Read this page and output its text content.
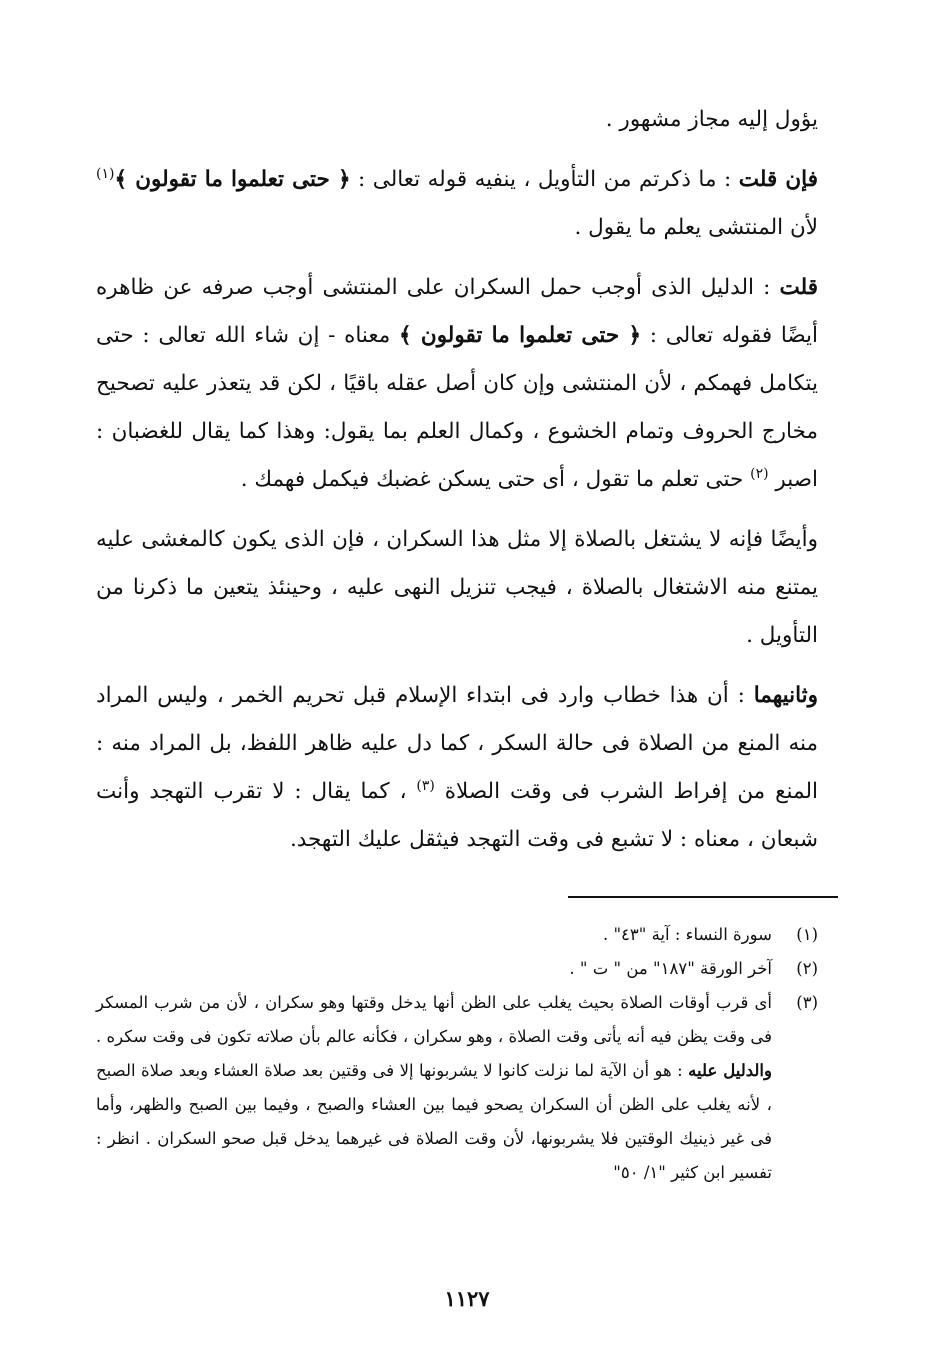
يؤول إليه مجاز مشهور .

فإن قلت : ما ذكرتم من التأويل ، ينفيه قوله تعالى : ﴿ حتى تعلموا ما تقولون ﴾$^{(١)}$ لأن المنتشى يعلم ما يقول .

قلت : الدليل الذى أوجب حمل السكران على المنتشى أوجب صرفه عن ظاهره أيضًا فقوله تعالى : ﴿ حتى تعلموا ما تقولون ﴾ معناه - إن شاء الله تعالى : حتى يتكامل فهمكم ، لأن المنتشى وإن كان أصل عقله باقيًا ، لكن قد يتعذر عليه تصحيح مخارج الحروف وتمام الخشوع ، وكمال العلم بما يقول: وهذا كما يقال للغضبان : اصبر $^{(٢)}$ حتى تعلم ما تقول ، أى حتى يسكن غضبك فيكمل فهمك .

وأيضًا فإنه لا يشتغل بالصلاة إلا مثل هذا السكران ، فإن الذى يكون كالمغشى عليه يمتنع منه الاشتغال بالصلاة ، فيجب تنزيل النهى عليه ، وحينئذ يتعين ما ذكرنا من التأويل .

وثانيهما : أن هذا خطاب وارد فى ابتداء الإسلام قبل تحريم الخمر ، وليس المراد منه المنع من الصلاة فى حالة السكر ، كما دل عليه ظاهر اللفظ، بل المراد منه : المنع من إفراط الشرب فى وقت الصلاة $^{(٣)}$ ، كما يقال : لا تقرب التهجد وأنت شبعان ، معناه : لا تشبع فى وقت التهجد فيثقل عليك التهجد.

(١)
سورة النساء : آية "٤٣" .
(٢)
آخر الورقة "١٨٧" من " ت " .
(٣)
أى قرب أوقات الصلاة بحيث يغلب على الظن أنها يدخل وقتها وهو سكران ، لأن من شرب المسكر فى وقت يظن فيه أنه يأتى وقت الصلاة ، وهو سكران ، فكأنه عالم بأن صلاته تكون فى وقت سكره . والدليل عليه : هو أن الآية لما نزلت كانوا لا يشربونها إلا فى وقتين بعد صلاة العشاء وبعد صلاة الصبح ، لأنه يغلب على الظن أن السكران يصحو فيما بين العشاء والصبح ، وفيما بين الصبح والظهر، وأما فى غير ذينيك الوقتين فلا يشربونها، لأن وقت الصلاة فى غيرهما يدخل قبل صحو السكران . انظر : تفسير ابن كثير "١/ ٥٠"
١١٢٧
